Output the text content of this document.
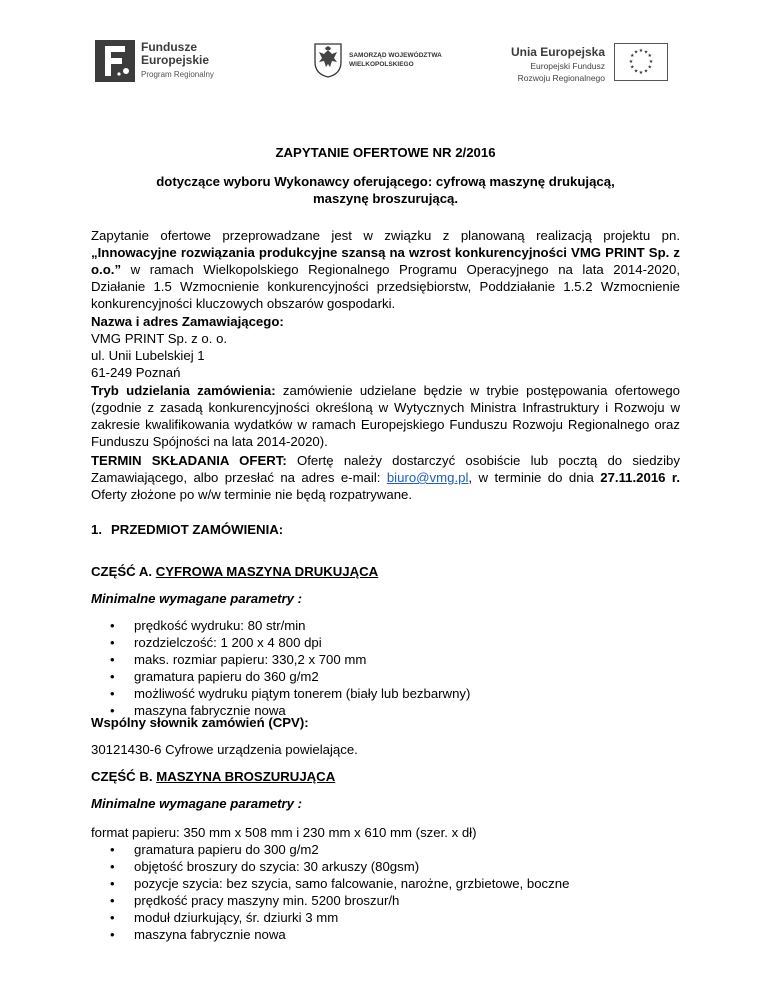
Fundusze
Europejskie
Program Regionalny
SAMORZĄD WOJEWÓDZTWA
WIELKOPOLSKIEGO
Unia Europejska
Europejski Fundusz
Rozwoju Regionalnego
★ ★
★
★
★
★
★
★
★
★
★
★

ZAPYTANIE OFERTOWE NR 2/2016

dotyczące wyboru Wykonawcy oferującego: cyfrową maszynę drukującą, maszynę broszurującą.

Zapytanie ofertowe przeprowadzane jest w związku z planowaną realizacją projektu pn. „Innowacyjne rozwiązania produkcyjne szansą na wzrost konkurencyjności VMG PRINT Sp. z o.o.” w ramach Wielkopolskiego Regionalnego Programu Operacyjnego na lata 2014-2020, Działanie 1.5 Wzmocnienie konkurencyjności przedsiębiorstw, Poddziałanie 1.5.2 Wzmocnienie konkurencyjności kluczowych obszarów gospodarki.

Nazwa i adres Zamawiającego:

VMG PRINT Sp. z o. o.

ul. Unii Lubelskiej 1

61-249 Poznań

Tryb udzielania zamówienia: zamówienie udzielane będzie w trybie postępowania ofertowego (zgodnie z zasadą konkurencyjności określoną w Wytycznych Ministra Infrastruktury i Rozwoju w zakresie kwalifikowania wydatków w ramach Europejskiego Funduszu Rozwoju Regionalnego oraz Funduszu Spójności na lata 2014-2020).

TERMIN SKŁADANIA OFERT: Ofertę należy dostarczyć osobiście lub pocztą do siedziby Zamawiającego, albo przesłać na adres e-mail: biuro@vmg.pl, w terminie do dnia 27.11.2016 r. Oferty złożone po w/w terminie nie będą rozpatrywane.

1. PRZEDMIOT ZAMÓWIENIA:

CZĘŚĆ A. CYFROWA MASZYNA DRUKUJĄCA

Minimalne wymagane parametry :

• prędkość wydruku: 80 str/min
• rozdzielczość: 1 200 x 4 800 dpi
• maks. rozmiar papieru: 330,2 x 700 mm
• gramatura papieru do 360 g/m2
• możliwość wydruku piątym tonerem (biały lub bezbarwny)
• maszyna fabrycznie nowa

Wspólny słownik zamówień (CPV):

30121430-6 Cyfrowe urządzenia powielające.

CZĘŚĆ B. MASZYNA BROSZURUJĄCA

Minimalne wymagane parametry :

format papieru: 350 mm x 508 mm i 230 mm x 610 mm (szer. x dł)

• gramatura papieru do 300 g/m2
• objętość broszury do szycia: 30 arkuszy (80gsm)
• pozycje szycia: bez szycia, samo falcowanie, narożne, grzbietowe, boczne
• prędkość pracy maszyny min. 5200 broszur/h
• moduł dziurkujący, śr. dziurki 3 mm
• maszyna fabrycznie nowa
